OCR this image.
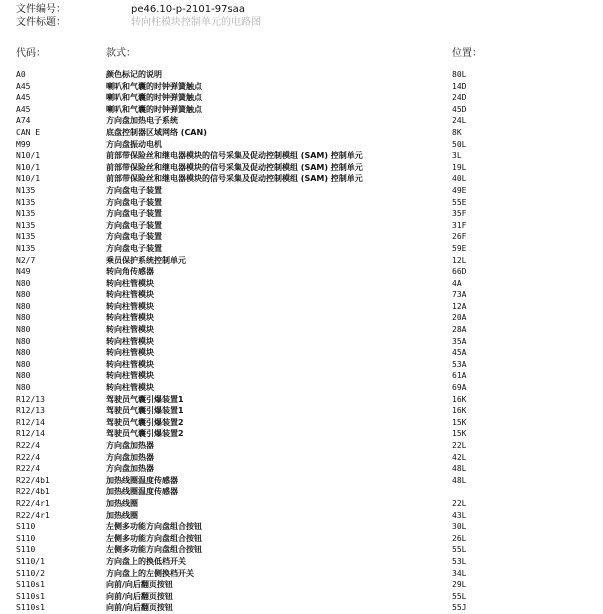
文件编号：	pe46.10-p-2101-97saa
文件标题：	转向柱模块控制单元的电路图
代码：	款式：	位置：
A0	颜色标记的说明	80L
A45	喇叭和气囊的时钟弹簧触点	14D
A45	喇叭和气囊的时钟弹簧触点	24D
A45	喇叭和气囊的时钟弹簧触点	45D
A74	方向盘加热电子系统	24L
CAN E	底盘控制器区域网络 (CAN)	8K
M99	方向盘振动电机	50L
N10/1	前部带保险丝和继电器模块的信号采集及促动控制模组 (SAM) 控制单元	3L
N10/1	前部带保险丝和继电器模块的信号采集及促动控制模组 (SAM) 控制单元	19L
N10/1	前部带保险丝和继电器模块的信号采集及促动控制模组 (SAM) 控制单元	40L
N135	方向盘电子装置	49E
N135	方向盘电子装置	55E
N135	方向盘电子装置	35F
N135	方向盘电子装置	31F
N135	方向盘电子装置	26F
N135	方向盘电子装置	59E
N2/7	乘员保护系统控制单元	12L
N49	转向角传感器	66D
N80	转向柱管模块	4A
N80	转向柱管模块	73A
N80	转向柱管模块	12A
N80	转向柱管模块	20A
N80	转向柱管模块	28A
N80	转向柱管模块	35A
N80	转向柱管模块	45A
N80	转向柱管模块	53A
N80	转向柱管模块	61A
N80	转向柱管模块	69A
R12/13	驾驶员气囊引爆装置1	16K
R12/13	驾驶员气囊引爆装置1	16K
R12/14	驾驶员气囊引爆装置2	15K
R12/14	驾驶员气囊引爆装置2	15K
R22/4	方向盘加热器	22L
R22/4	方向盘加热器	42L
R22/4	方向盘加热器	48L
R22/4b1	加热线圈温度传感器	48L
R22/4b1	加热线圈温度传感器
R22/4r1	加热线圈	22L
R22/4r1	加热线圈	43L
S110	左侧多功能方向盘组合按钮	30L
S110	左侧多功能方向盘组合按钮	26L
S110	左侧多功能方向盘组合按钮	55L
S110/1	方向盘上的换低档开关	53L
S110/2	方向盘上的左侧换档开关	34L
S110s1	向前/向后翻页按钮	29L
S110s1	向前/向后翻页按钮	55L
S110s1	向前/向后翻页按钮	55J
